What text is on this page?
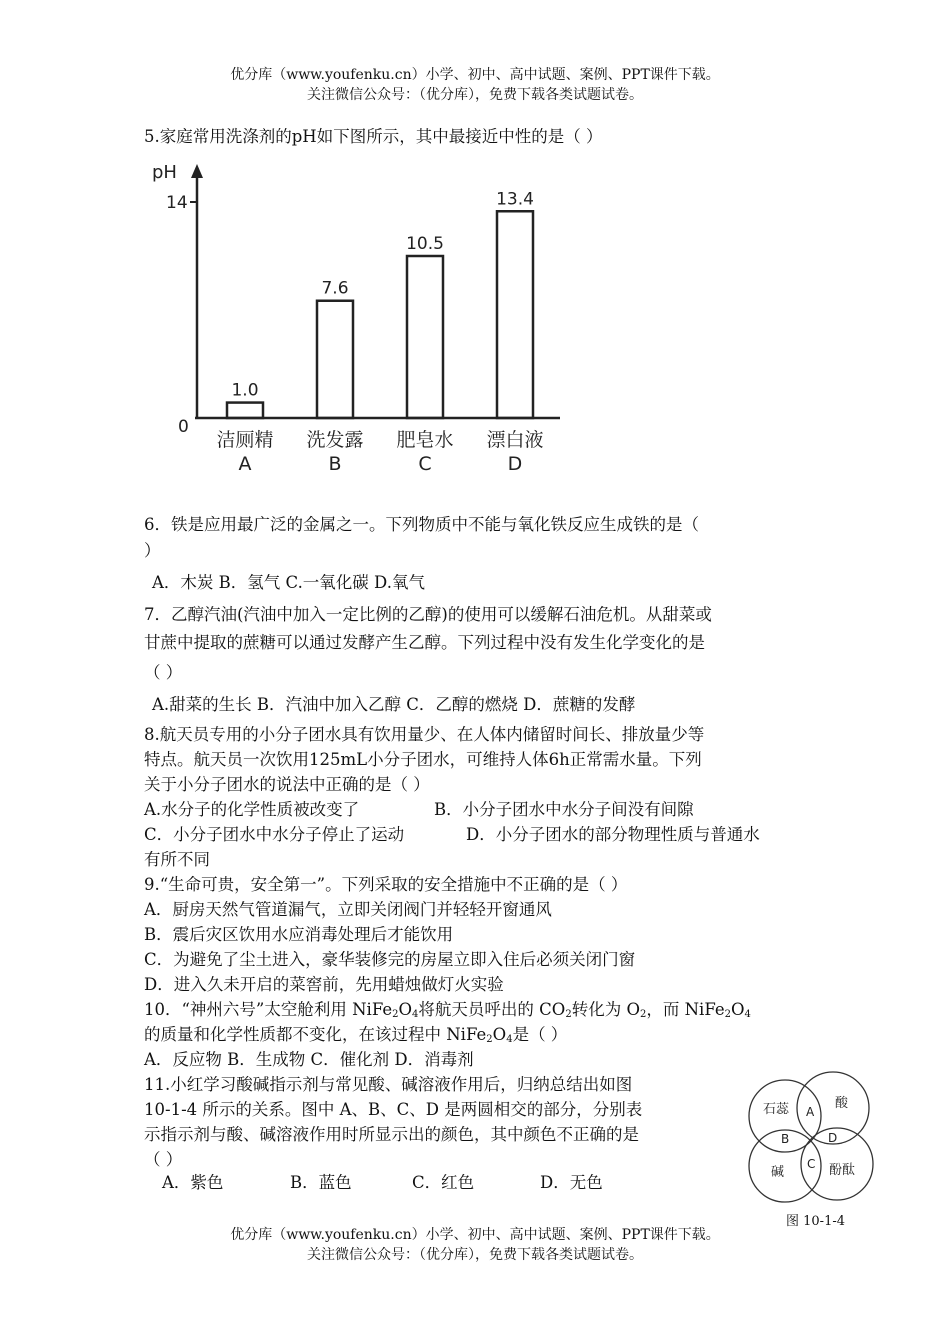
优分库（www.youfenku.cn）小学、初中、高中试题、案例、PPT课件下载。
关注微信公众号：（优分库），免费下载各类试题试卷。
5.家庭常用洗涤剂的pH如下图所示，其中最接近中性的是（ ）
pH
14
0
1.0
洁厕精
A
7.6
洗发露
B
10.5
肥皂水
C
13.4
漂白液
D
6．铁是应用最广泛的金属之一。下列物质中不能与氧化铁反应生成铁的是（
）
A．木炭 B．氢气 C.一氧化碳 D.氧气
7．乙醇汽油(汽油中加入一定比例的乙醇)的使用可以缓解石油危机。从甜菜或
甘蔗中提取的蔗糖可以通过发酵产生乙醇。下列过程中没有发生化学变化的是
（ ）
A.甜菜的生长 B．汽油中加入乙醇 C．乙醇的燃烧 D．蔗糖的发酵
8.航天员专用的小分子团水具有饮用量少、在人体内储留时间长、排放量少等
特点。航天员一次饮用125mL小分子团水，可维持人体6h正常需水量。下列
关于小分子团水的说法中正确的是（ ）
A.水分子的化学性质被改变了	B．小分子团水中水分子间没有间隙
C．小分子团水中水分子停止了运动	D．小分子团水的部分物理性质与普通水
有所不同
9.“生命可贵，安全第一”。下列采取的安全措施中不正确的是（ ）
A．厨房天然气管道漏气，立即关闭阀门并轻轻开窗通风
B．震后灾区饮用水应消毒处理后才能饮用
C．为避免了尘土进入，豪华装修完的房屋立即入住后必须关闭门窗
D．进入久未开启的菜窖前，先用蜡烛做灯火实验
10．“神州六号”太空舱利用 $NiFe_2O_4$将航天员呼出的 $CO_2$转化为 $O_2$，而 $NiFe_2O_4$
的质量和化学性质都不变化，在该过程中 $NiFe_2O_4$是（ ）
A．反应物 B．生成物 C．催化剂 D．消毒剂
11.小红学习酸碱指示剂与常见酸、碱溶液作用后，归纳总结出如图
10-1-4 所示的关系。图中 A、B、C、D 是两圆相交的部分，分别表
示指示剂与酸、碱溶液作用时所显示出的颜色，其中颜色不正确的是
（ ）
A．紫色	B．蓝色	C．红色	D．无色
石蕊	酸
碱	酚酞
A
B	D
C
图 10-1-4
优分库（www.youfenku.cn）小学、初中、高中试题、案例、PPT课件下载。
关注微信公众号：（优分库），免费下载各类试题试卷。
